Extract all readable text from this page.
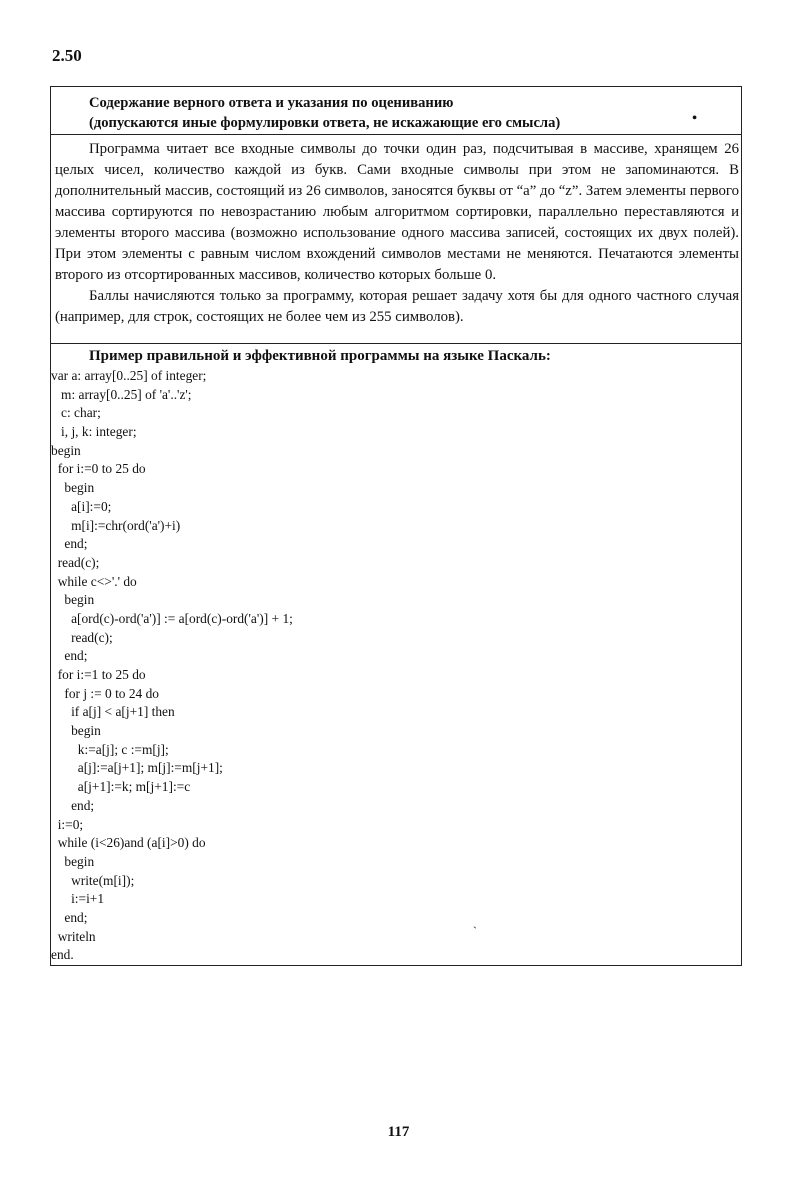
2.50
Содержание верного ответа и указания по оцениванию
(допускаются иные формулировки ответа, не искажающие его смысла)	•

Программа читает все входные символы до точки один раз, подсчитывая в массиве, хранящем 26 целых чисел, количество каждой из букв. Сами входные символы при этом не запоминаются. В дополнительный массив, состоящий из 26 символов, заносятся буквы от “a” до “z”. Затем элементы первого массива сортируются по невозрастанию любым алгоритмом сортировки, параллельно переставляются и элементы второго массива (возможно использование одного массива записей, состоящих их двух полей). При этом элементы с равным числом вхождений символов местами не меняются. Печатаются элементы второго из отсортированных массивов, количество которых больше 0.

Баллы начисляются только за программу, которая решает задачу хотя бы для одного частного случая (например, для строк, состоящих не более чем из 255 символов).

Пример правильной и эффективной программы на языке Паскаль:
var a: array[0..25] of integer;
m: array[0..25] of 'a'..'z';
c: char;
i, j, k: integer;
begin
for i:=0 to 25 do
begin
a[i]:=0;
m[i]:=chr(ord('a')+i)
end;
read(c);
while c<>'.' do
begin
a[ord(c)-ord('a')] := a[ord(c)-ord('a')] + 1;
read(c);
end;
for i:=1 to 25 do
for j := 0 to 24 do
if a[j] < a[j+1] then
begin
k:=a[j]; c :=m[j];
a[j]:=a[j+1]; m[j]:=m[j+1];
a[j+1]:=k; m[j+1]:=c
end;
i:=0;
while (i<26)and (a[i]>0) do
begin
write(m[i]);
i:=i+1
end;
writeln
end.
ˋ
117
